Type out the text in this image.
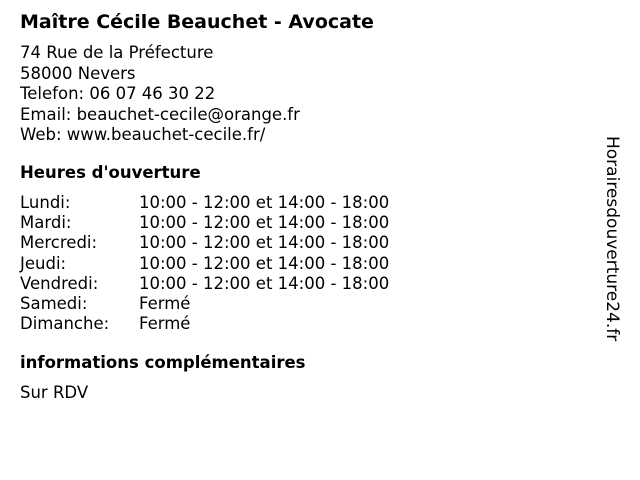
Maître Cécile Beauchet - Avocate
74 Rue de la Préfecture
58000 Nevers
Telefon: 06 07 46 30 22
Email: beauchet-cecile@orange.fr
Web: www.beauchet-cecile.fr/
Heures d'ouverture
Lundi:	10:00 - 12:00 et 14:00 - 18:00
Mardi:	10:00 - 12:00 et 14:00 - 18:00
Mercredi:	10:00 - 12:00 et 14:00 - 18:00
Jeudi:	10:00 - 12:00 et 14:00 - 18:00
Vendredi: 10:00 - 12:00 et 14:00 - 18:00
Samedi:	Fermé
Dimanche: Fermé
informations complémentaires
Sur RDV
Horairesdouverture24.fr
